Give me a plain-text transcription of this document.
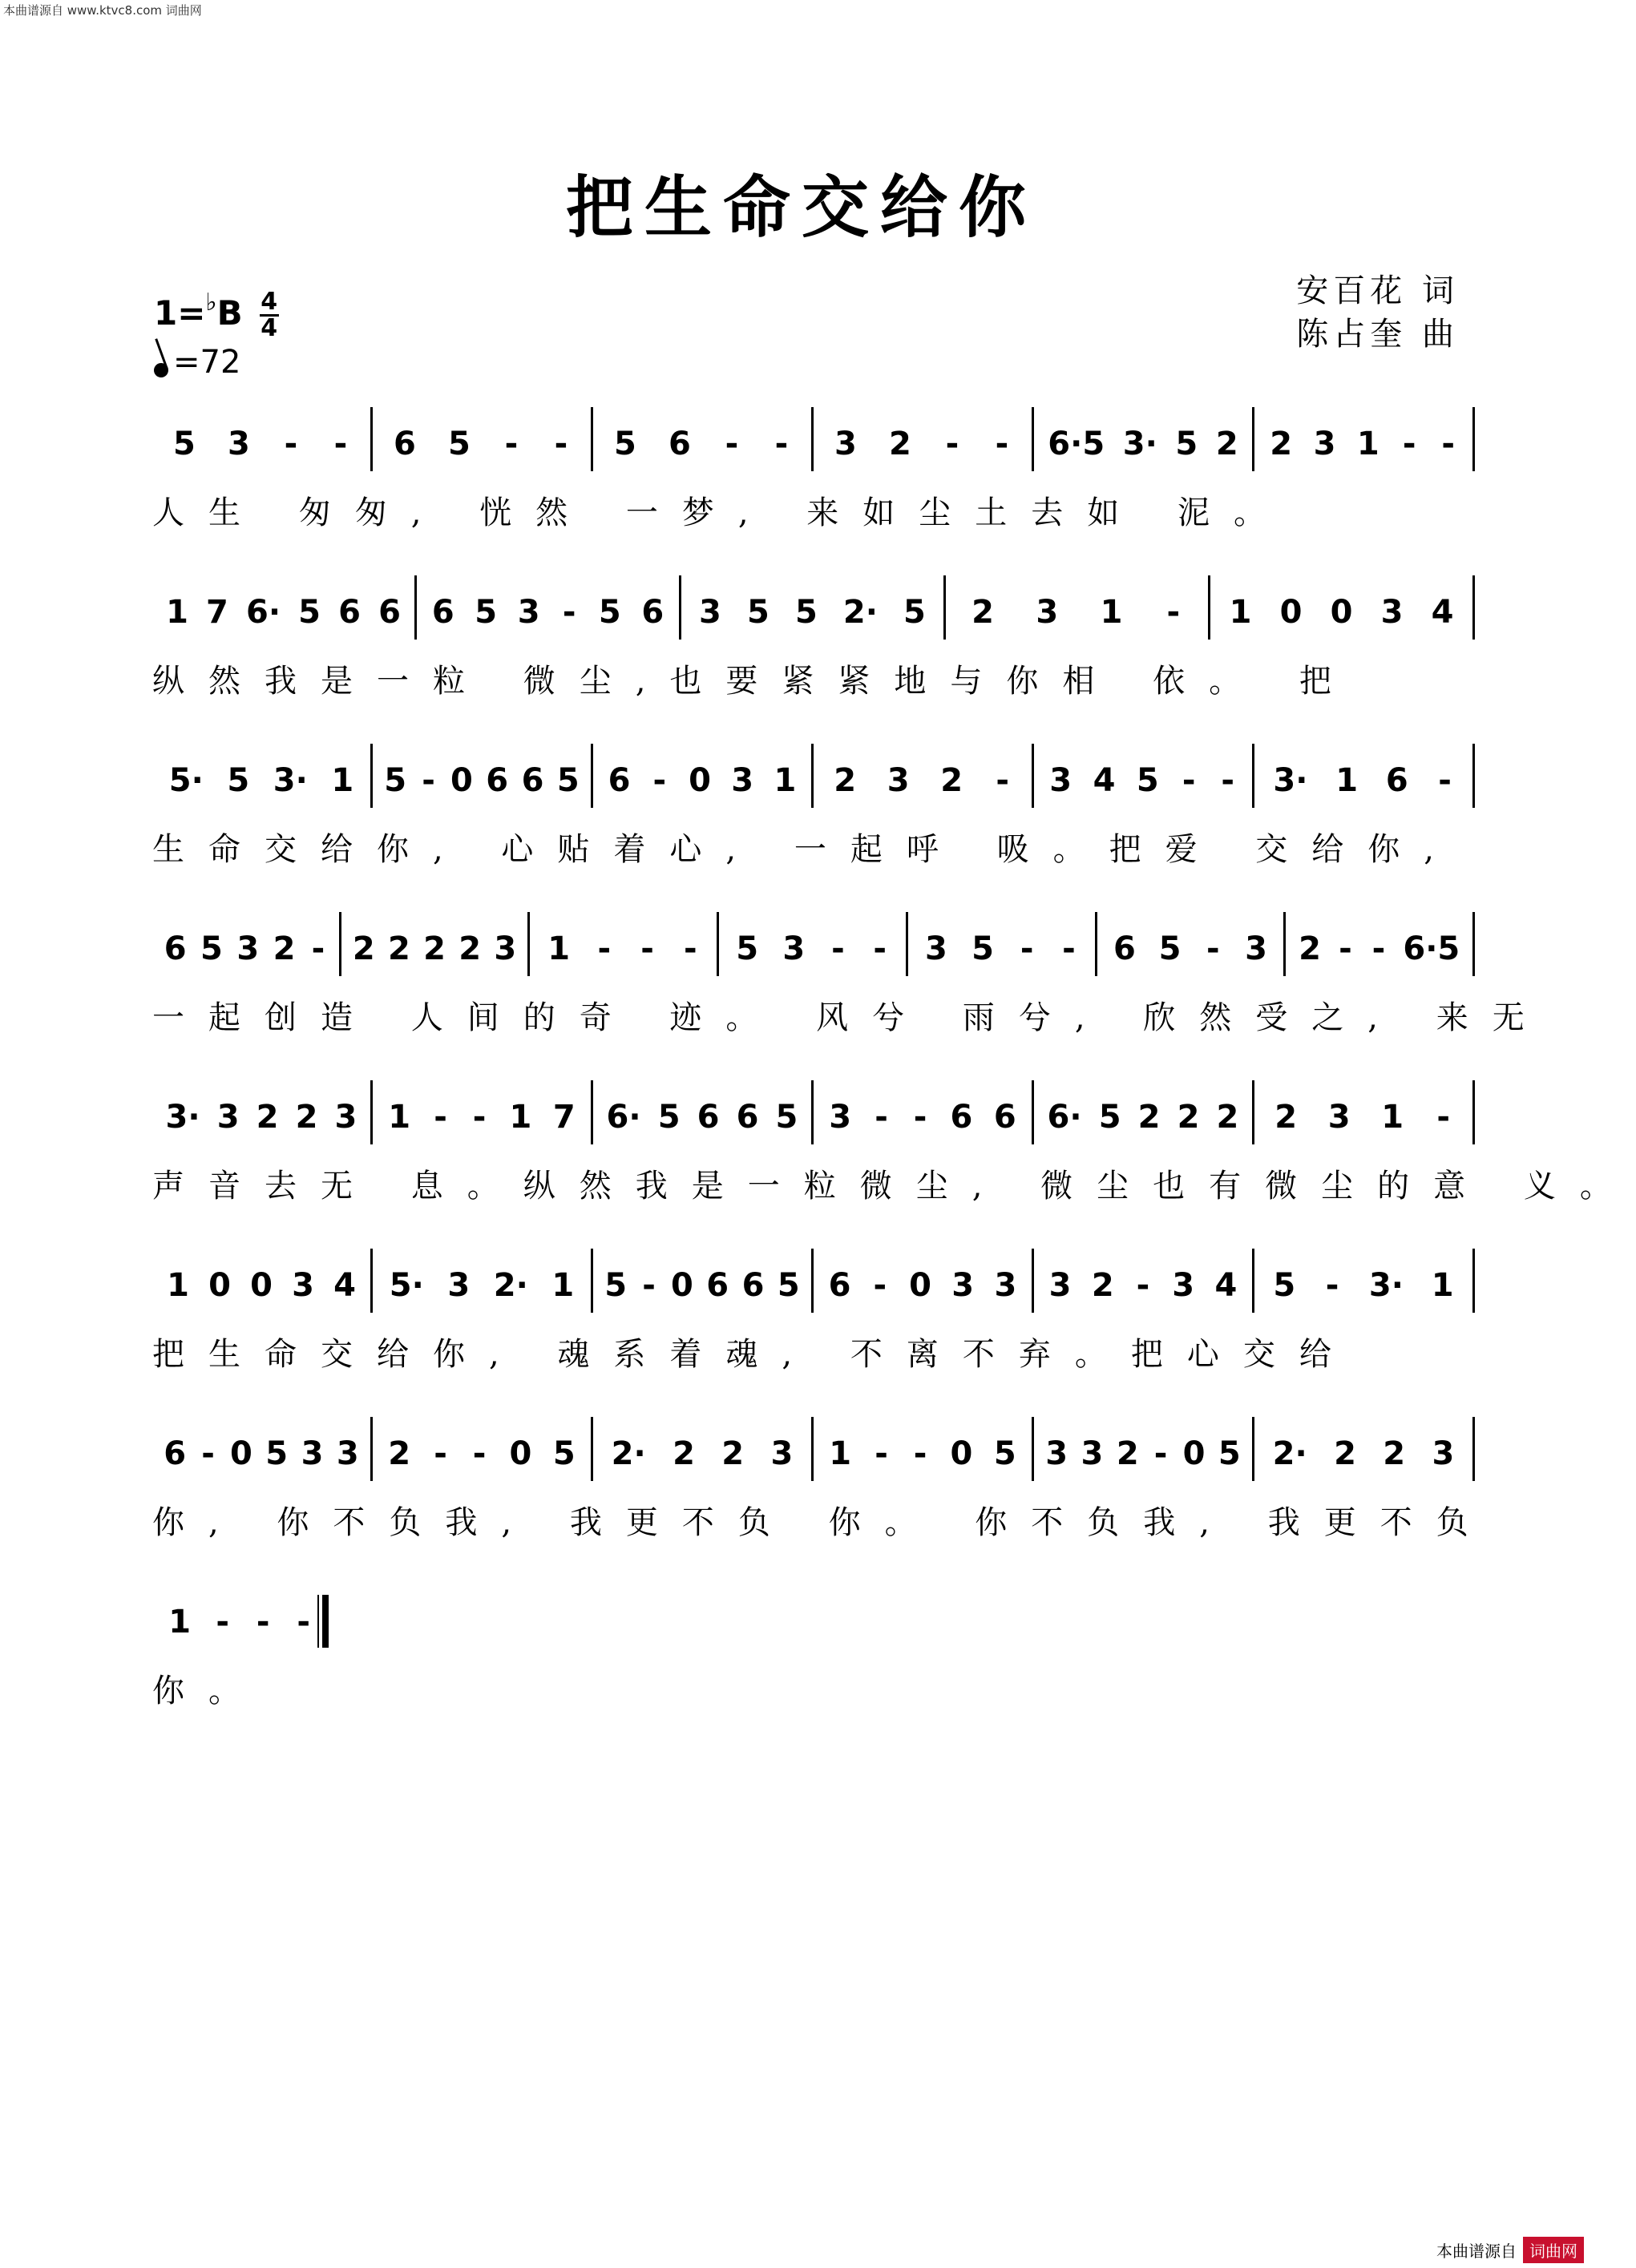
本曲谱源自 www.ktvc8.com 词曲网
把生命交给你
1=♭B $\frac{4}{4}$
=72
安百花 词
陈占奎 曲
5 3 - - 6 5 - - 5 6 - - 3 2 - - 6·5 3· 5 2 2 3 1 - -
人生 匆匆, 恍然 一梦, 来如尘土去如 泥。
1 7 6· 5 6 6 6 5 3 - 5 6 3 5 5 2· 5 2 3 1 - 1 0 0 3 4
纵然我是一粒 微尘,也要紧紧地与你相 依。 把
5· 5 3· 1 5 - 0 6 6 5 6 - 0 3 1 2 3 2 - 3 4 5 - - 3· 1 6 -
生命交给你, 心贴着心, 一起呼 吸。把爱 交给你,
6 5 3 2 - 2 2 2 2 3 1 - - - 5 3 - - 3 5 - - 6 5 - 3 2 - - 6·5
一起创造 人间的奇 迹。 风兮 雨兮, 欣然受之, 来无
3· 3 2 2 3 1 - - 1 7 6· 5 6 6 5 3 - - 6 6 6· 5 2 2 2 2 3 1 -
声音去无 息。纵然我是一粒微尘, 微尘也有微尘的意 义。
1 0 0 3 4 5· 3 2· 1 5 - 0 6 6 5 6 - 0 3 3 3 2 - 3 4 5 - 3· 1
把生命交给你, 魂系着魂, 不离不弃。把心交给
6 - 0 5 3 3 2 - - 0 5 2· 2 2 3 1 - - 0 5 3 3 2 - 0 5 2· 2 2 3
你, 你不负我, 我更不负 你。 你不负我, 我更不负
1 - - -
你。
本曲谱源自 词曲网
